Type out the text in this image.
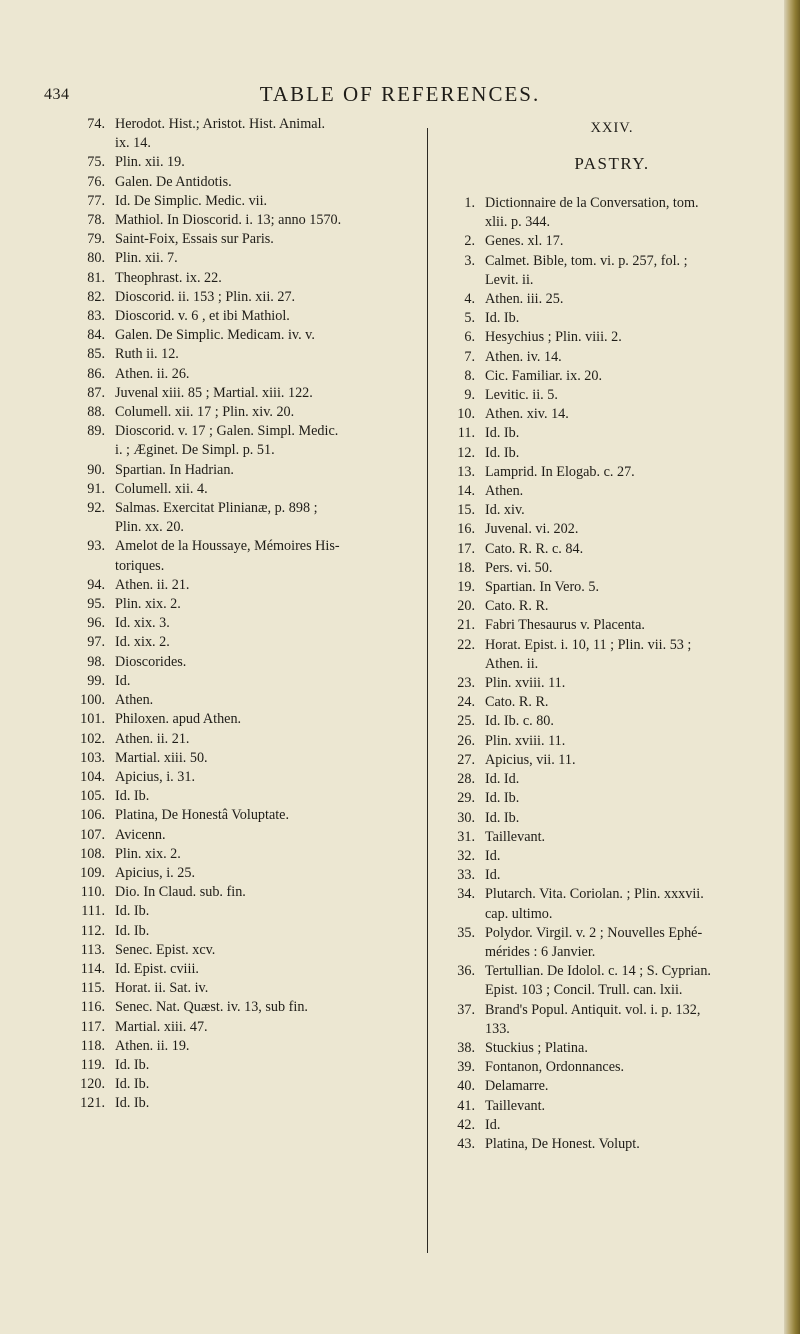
434	TABLE OF REFERENCES.
74. Herodot. Hist.; Aristot. Hist. Animal.
ix. 14.
75. Plin. xii. 19.
76. Galen. De Antidotis.
77. Id. De Simplic. Medic. vii.
78. Mathiol. In Dioscorid. i. 13; anno 1570.
79. Saint-Foix, Essais sur Paris.
80. Plin. xii. 7.
81. Theophrast. ix. 22.
82. Dioscorid. ii. 153 ; Plin. xii. 27.
83. Dioscorid. v. 6 , et ibi Mathiol.
84. Galen. De Simplic. Medicam. iv. v.
85. Ruth ii. 12.
86. Athen. ii. 26.
87. Juvenal xiii. 85 ; Martial. xiii. 122.
88. Columell. xii. 17 ; Plin. xiv. 20.
89. Dioscorid. v. 17 ; Galen. Simpl. Medic.
i. ; Æginet. De Simpl. p. 51.
90. Spartian. In Hadrian.
91. Columell. xii. 4.
92. Salmas. Exercitat Plinianæ, p. 898 ;
Plin. xx. 20.
93. Amelot de la Houssaye, Mémoires His-
toriques.
94. Athen. ii. 21.
95. Plin. xix. 2.
96. Id. xix. 3.
97. Id. xix. 2.
98. Dioscorides.
99. Id.
100. Athen.
101. Philoxen. apud Athen.
102. Athen. ii. 21.
103. Martial. xiii. 50.
104. Apicius, i. 31.
105. Id. Ib.
106. Platina, De Honestâ Voluptate.
107. Avicenn.
108. Plin. xix. 2.
109. Apicius, i. 25.
110. Dio. In Claud. sub. fin.
111. Id. Ib.
112. Id. Ib.
113. Senec. Epist. xcv.
114. Id. Epist. cviii.
115. Horat. ii. Sat. iv.
116. Senec. Nat. Quæst. iv. 13, sub fin.
117. Martial. xiii. 47.
118. Athen. ii. 19.
119. Id. Ib.
120. Id. Ib.
121. Id. Ib.
XXIV.
PASTRY.
1. Dictionnaire de la Conversation, tom.
xlii. p. 344.
2. Genes. xl. 17.
3. Calmet. Bible, tom. vi. p. 257, fol. ;
Levit. ii.
4. Athen. iii. 25.
5. Id. Ib.
6. Hesychius ; Plin. viii. 2.
7. Athen. iv. 14.
8. Cic. Familiar. ix. 20.
9. Levitic. ii. 5.
10. Athen. xiv. 14.
11. Id. Ib.
12. Id. Ib.
13. Lamprid. In Elogab. c. 27.
14. Athen.
15. Id. xiv.
16. Juvenal. vi. 202.
17. Cato. R. R. c. 84.
18. Pers. vi. 50.
19. Spartian. In Vero. 5.
20. Cato. R. R.
21. Fabri Thesaurus v. Placenta.
22. Horat. Epist. i. 10, 11 ; Plin. vii. 53 ;
Athen. ii.
23. Plin. xviii. 11.
24. Cato. R. R.
25. Id. Ib. c. 80.
26. Plin. xviii. 11.
27. Apicius, vii. 11.
28. Id. Id.
29. Id. Ib.
30. Id. Ib.
31. Taillevant.
32. Id.
33. Id.
34. Plutarch. Vita. Coriolan. ; Plin. xxxvii.
cap. ultimo.
35. Polydor. Virgil. v. 2 ; Nouvelles Ephé-
mérides : 6 Janvier.
36. Tertullian. De Idolol. c. 14 ; S. Cyprian.
Epist. 103 ; Concil. Trull. can. lxii.
37. Brand's Popul. Antiquit. vol. i. p. 132,
133.
38. Stuckius ; Platina.
39. Fontanon, Ordonnances.
40. Delamarre.
41. Taillevant.
42. Id.
43. Platina, De Honest. Volupt.
